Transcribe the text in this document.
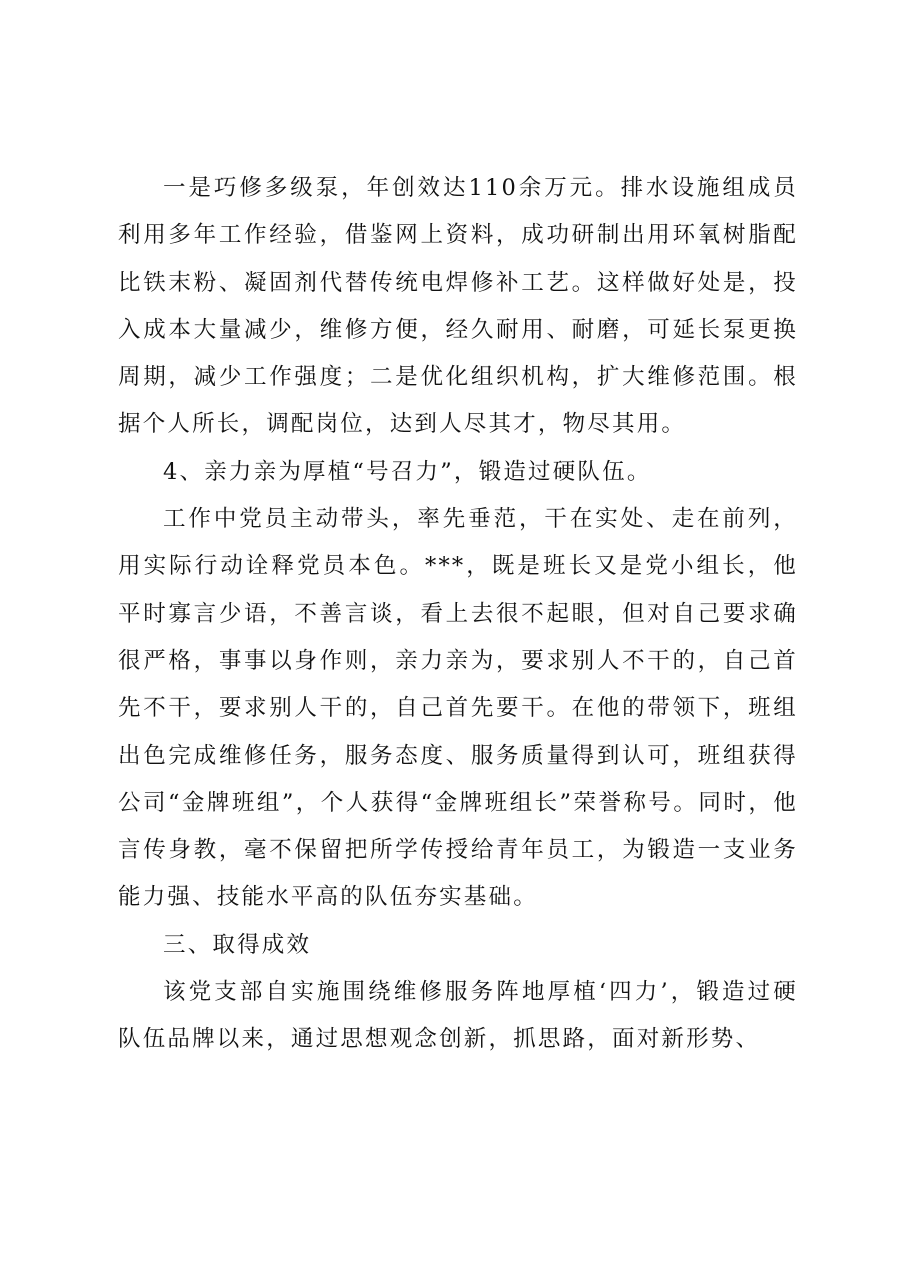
一是巧修多级泵，年创效达110余万元。排水设施组成员利用多年工作经验，借鉴网上资料，成功研制出用环氧树脂配比铁末粉、凝固剂代替传统电焊修补工艺。这样做好处是，投入成本大量减少，维修方便，经久耐用、耐磨，可延长泵更换周期，减少工作强度；二是优化组织机构，扩大维修范围。根据个人所长，调配岗位，达到人尽其才，物尽其用。

4、亲力亲为厚植“号召力”，锻造过硬队伍。

工作中党员主动带头，率先垂范，干在实处、走在前列，用实际行动诠释党员本色。***，既是班长又是党小组长，他平时寡言少语，不善言谈，看上去很不起眼，但对自己要求确很严格，事事以身作则，亲力亲为，要求别人不干的，自己首先不干，要求别人干的，自己首先要干。在他的带领下，班组出色完成维修任务，服务态度、服务质量得到认可，班组获得公司“金牌班组”，个人获得“金牌班组长”荣誉称号。同时，他言传身教，毫不保留把所学传授给青年员工，为锻造一支业务能力强、技能水平高的队伍夯实基础。

三、取得成效

该党支部自实施围绕维修服务阵地厚植‘四力’，锻造过硬队伍品牌以来，通过思想观念创新，抓思路，面对新形势、
